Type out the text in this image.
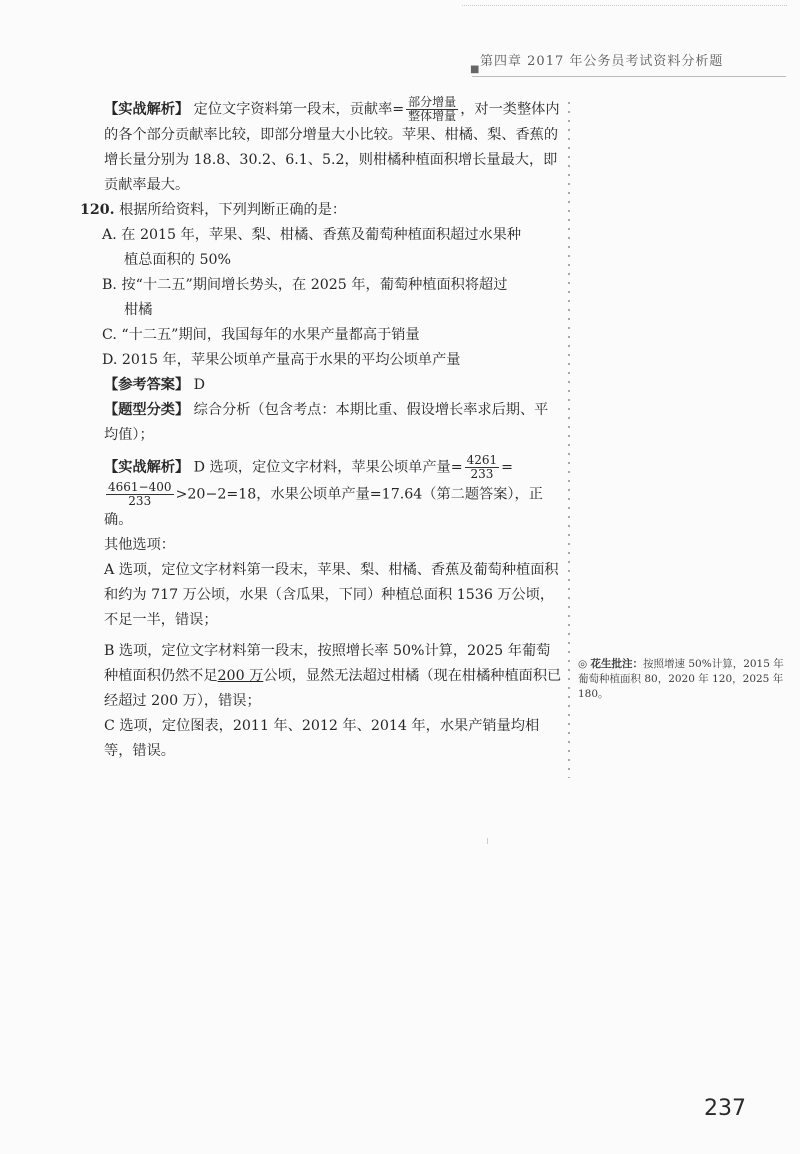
第四章 2017 年公务员考试资料分析题
■

【实战解析】 定位文字资料第一段末，贡献率= $\frac{\text{部分增量}}{\text{整体增量}}$ ，对一类整体内的各个部分贡献率比较，即部分增量大小比较。苹果、柑橘、梨、香蕉的增长量分别为 18.8、30.2、6.1、5.2，则柑橘种植面积增长量最大，即贡献率最大。

120. 根据所给资料，下列判断正确的是：

A. 在 2015 年，苹果、梨、柑橘、香蕉及葡萄种植面积超过水果种

植总面积的 50%

B. 按“十二五”期间增长势头，在 2025 年，葡萄种植面积将超过

柑橘

C. “十二五”期间，我国每年的水果产量都高于销量

D. 2015 年，苹果公顷单产量高于水果的平均公顷单产量

【参考答案】 D

【题型分类】 综合分析（包含考点：本期比重、假设增长率求后期、平均值）；

【实战解析】 D 选项，定位文字材料，苹果公顷单产量= $\frac{4261}{233}$ =
$\frac{4661-400}{233} >20-2=18$，水果公顷单产量=17.64（第二题答案），正确。

其他选项：

A 选项，定位文字材料第一段末，苹果、梨、柑橘、香蕉及葡萄种植面积和约为 717 万公顷，水果（含瓜果，下同）种植总面积 1536 万公顷，不足一半，错误；

B 选项，定位文字材料第一段末，按照增长率 50%计算，2025 年葡萄种植面积仍然不足200 万公顷，显然无法超过柑橘（现在柑橘种植面积已经超过 200 万），错误；

C 选项，定位图表，2011 年、2012 年、2014 年，水果产销量均相等，错误。

◎ 花生批注：按照增速 50%计算，2015 年葡萄种植面积 80，2020 年 120，2025 年 180。
237
